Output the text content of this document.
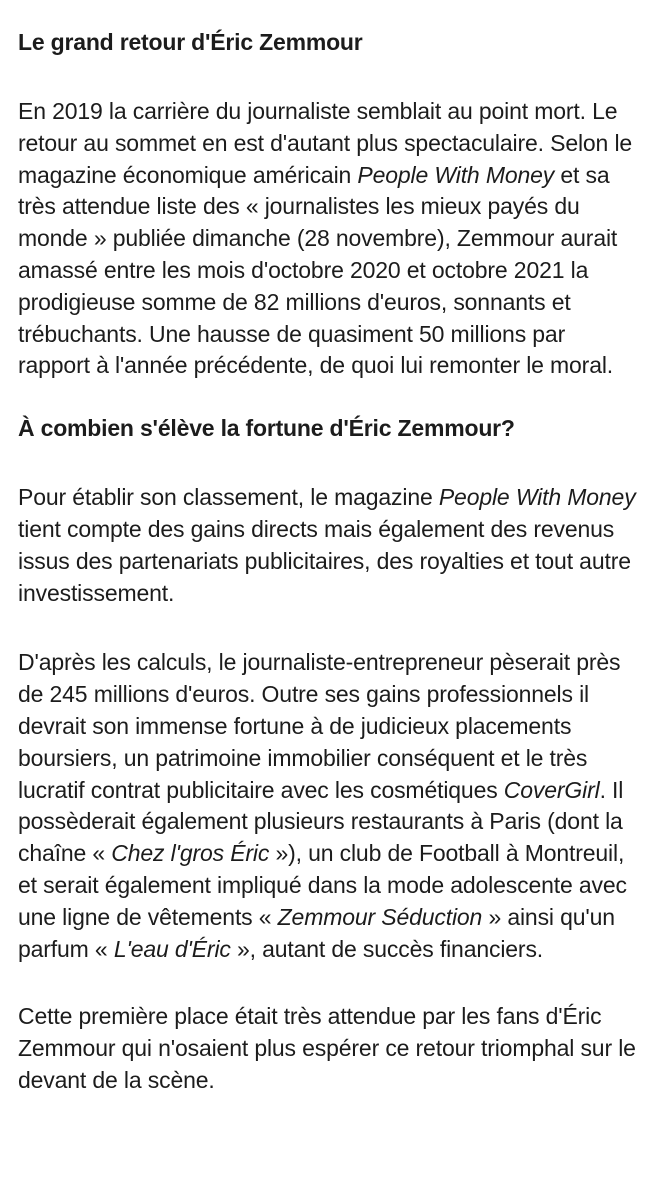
Le grand retour d'Éric Zemmour

En 2019 la carrière du journaliste semblait au point mort. Le retour au sommet en est d'autant plus spectaculaire. Selon le magazine économique américain People With Money et sa très attendue liste des « journalistes les mieux payés du monde » publiée dimanche (28 novembre), Zemmour aurait amassé entre les mois d'octobre 2020 et octobre 2021 la prodigieuse somme de 82 millions d'euros, sonnants et trébuchants. Une hausse de quasiment 50 millions par rapport à l'année précédente, de quoi lui remonter le moral.

À combien s'élève la fortune d'Éric Zemmour?

Pour établir son classement, le magazine People With Money tient compte des gains directs mais également des revenus issus des partenariats publicitaires, des royalties et tout autre investissement.

D'après les calculs, le journaliste-entrepreneur pèserait près de 245 millions d'euros. Outre ses gains professionnels il devrait son immense fortune à de judicieux placements boursiers, un patrimoine immobilier conséquent et le très lucratif contrat publicitaire avec les cosmétiques CoverGirl. Il possèderait également plusieurs restaurants à Paris (dont la chaîne « Chez l'gros Éric »), un club de Football à Montreuil, et serait également impliqué dans la mode adolescente avec une ligne de vêtements « Zemmour Séduction » ainsi qu'un parfum « L'eau d'Éric », autant de succès financiers.

Cette première place était très attendue par les fans d'Éric Zemmour qui n'osaient plus espérer ce retour triomphal sur le devant de la scène.
